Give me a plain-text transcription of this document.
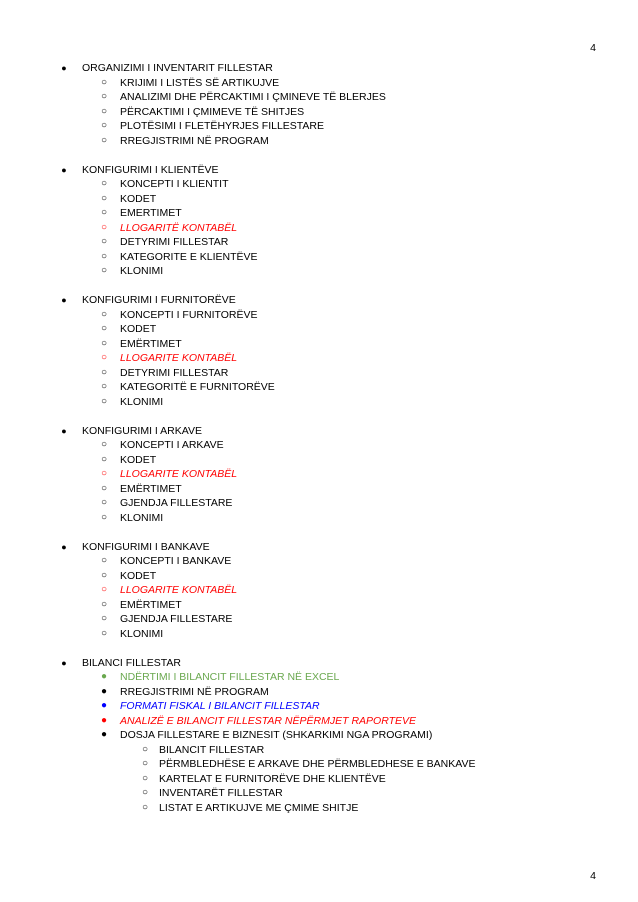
4
●	ORGANIZIMI I INVENTARIT FILLESTAR
○	KRIJIMI I LISTËS SË ARTIKUJVE
○	ANALIZIMI DHE PËRCAKTIMI I ÇMINEVE TË BLERJES
○	PËRCAKTIMI I ÇMIMEVE TË SHITJES
○	PLOTËSIMI I FLETËHYRJES FILLESTARE
○	RREGJISTRIMI NË PROGRAM
●	KONFIGURIMI I KLIENTËVE
○	KONCEPTI I KLIENTIT
○	KODET
○	EMERTIMET
○	LLOGARITË KONTABËL
○	DETYRIMI FILLESTAR
○	KATEGORITE E KLIENTËVE
○	KLONIMI
●	KONFIGURIMI I FURNITORËVE
○	KONCEPTI I FURNITORËVE
○	KODET
○	EMËRTIMET
○	LLOGARITE KONTABËL
○	DETYRIMI FILLESTAR
○	KATEGORITË E FURNITORËVE
○	KLONIMI
●	KONFIGURIMI I ARKAVE
○	KONCEPTI I ARKAVE
○	KODET
○	LLOGARITE KONTABËL
○	EMËRTIMET
○	GJENDJA FILLESTARE
○	KLONIMI
●	KONFIGURIMI I BANKAVE
○	KONCEPTI I BANKAVE
○	KODET
○	LLOGARITE KONTABËL
○	EMËRTIMET
○	GJENDJA FILLESTARE
○	KLONIMI
●	BILANCI FILLESTAR
●	NDËRTIMI I BILANCIT FILLESTAR NË EXCEL
●	RREGJISTRIMI NË PROGRAM
●	FORMATI FISKAL I BILANCIT FILLESTAR
●	ANALIZË E BILANCIT FILLESTAR NËPËRMJET RAPORTEVE
●	DOSJA FILLESTARE E BIZNESIT (SHKARKIMI NGA PROGRAMI)
○	BILANCIT FILLESTAR
○	PËRMBLEDHËSE E ARKAVE DHE PËRMBLEDHESE E BANKAVE
○	KARTELAT E FURNITORËVE DHE KLIENTËVE
○	INVENTARËT FILLESTAR
○	LISTAT E ARTIKUJVE ME ÇMIME SHITJE
4
